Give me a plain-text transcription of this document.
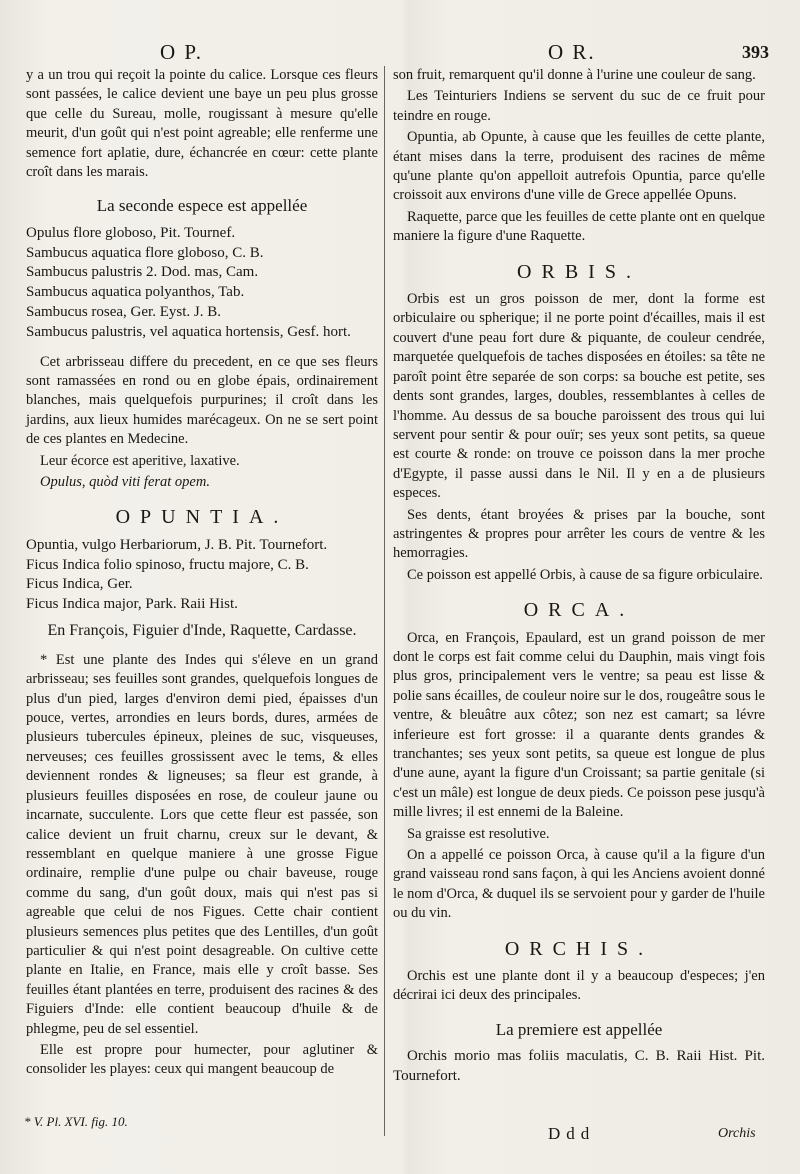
O P.	O R.	393

y a un trou qui reçoit la pointe du calice. Lorsque ces fleurs sont passées, le calice devient une baye un peu plus grosse que celle du Sureau, molle, rougissant à mesure qu'elle meurit, d'un goût qui n'est point agreable; elle renferme une semence fort aplatie, dure, échancrée en cœur: cette plante croît dans les marais.

La seconde espece est appellée

Opulus flore globoso, Pit. Tournef.

Sambucus aquatica flore globoso, C. B.

Sambucus palustris 2. Dod. mas, Cam.

Sambucus aquatica polyanthos, Tab.

Sambucus rosea, Ger. Eyst. J. B.

Sambucus palustris, vel aquatica hortensis, Gesf. hort.

Cet arbrisseau differe du precedent, en ce que ses fleurs sont ramassées en rond ou en globe épais, ordinairement blanches, mais quelquefois purpurines; il croît dans les jardins, aux lieux humides marécageux. On ne se sert point de ces plantes en Medecine.

Leur écorce est aperitive, laxative.

Opulus, quòd viti ferat opem.

OPUNTIA.

Opuntia, vulgo Herbariorum, J. B. Pit. Tournefort.

Ficus Indica folio spinoso, fructu majore, C. B.

Ficus Indica, Ger.

Ficus Indica major, Park. Raii Hist.

En François, Figuier d'Inde, Raquette, Cardasse.

* Est une plante des Indes qui s'éleve en un grand arbrisseau; ses feuilles sont grandes, quelquefois longues de plus d'un pied, larges d'environ demi pied, épaisses d'un pouce, vertes, arrondies en leurs bords, dures, armées de plusieurs tubercules épineux, pleines de suc, visqueuses, nerveuses; ces feuilles grossissent avec le tems, & elles deviennent rondes & ligneuses; sa fleur est grande, à plusieurs feuilles disposées en rose, de couleur jaune ou incarnate, succulente. Lors que cette fleur est passée, son calice devient un fruit charnu, creux sur le devant, & ressemblant en quelque maniere à une grosse Figue ordinaire, remplie d'une pulpe ou chair baveuse, rouge comme du sang, d'un goût doux, mais qui n'est pas si agreable que celui de nos Figues. Cette chair contient plusieurs semences plus petites que des Lentilles, d'un goût particulier & qui n'est point desagreable. On cultive cette plante en Italie, en France, mais elle y croît basse. Ses feuilles étant plantées en terre, produisent des racines & des Figuiers d'Inde: elle contient beaucoup d'huile & de phlegme, peu de sel essentiel.

Elle est propre pour humecter, pour aglutiner & consolider les playes: ceux qui mangent beaucoup de

son fruit, remarquent qu'il donne à l'urine une couleur de sang.

Les Teinturiers Indiens se servent du suc de ce fruit pour teindre en rouge.

Opuntia, ab Opunte, à cause que les feuilles de cette plante, étant mises dans la terre, produisent des racines de même qu'une plante qu'on appelloit autrefois Opuntia, parce qu'elle croissoit aux environs d'une ville de Grece appellée Opuns.

Raquette, parce que les feuilles de cette plante ont en quelque maniere la figure d'une Raquette.

ORBIS.

Orbis est un gros poisson de mer, dont la forme est orbiculaire ou spherique; il ne porte point d'écailles, mais il est couvert d'une peau fort dure & piquante, de couleur cendrée, marquetée quelquefois de taches disposées en étoiles: sa tête ne paroît point être separée de son corps: sa bouche est petite, ses dents sont grandes, larges, doubles, ressemblantes à celles de l'homme. Au dessus de sa bouche paroissent des trous qui lui servent pour sentir & pour ouïr; ses yeux sont petits, sa queue est courte & ronde: on trouve ce poisson dans la mer proche d'Egypte, il passe aussi dans le Nil. Il y en a de plusieurs especes.

Ses dents, étant broyées & prises par la bouche, sont astringentes & propres pour arrêter les cours de ventre & les hemorragies.

Ce poisson est appellé Orbis, à cause de sa figure orbiculaire.

ORCA.

Orca, en François, Epaulard, est un grand poisson de mer dont le corps est fait comme celui du Dauphin, mais vingt fois plus gros, principalement vers le ventre; sa peau est lisse & polie sans écailles, de couleur noire sur le dos, rougeâtre sous le ventre, & bleuâtre aux côtez; son nez est camart; sa lévre inferieure est fort grosse: il a quarante dents grandes & tranchantes; ses yeux sont petits, sa queue est longue de plus d'une aune, ayant la figure d'un Croissant; sa partie genitale (si c'est un mâle) est longue de deux pieds. Ce poisson pese jusqu'à mille livres; il est ennemi de la Baleine.

Sa graisse est resolutive.

On a appellé ce poisson Orca, à cause qu'il a la figure d'un grand vaisseau rond sans façon, à qui les Anciens avoient donné le nom d'Orca, & duquel ils se servoient pour y garder de l'huile ou du vin.

ORCHIS.

Orchis est une plante dont il y a beaucoup d'especes; j'en décrirai ici deux des principales.

La premiere est appellée

Orchis morio mas foliis maculatis, C. B. Raii Hist. Pit. Tournefort.

* V. Pl. XVI. fig. 10.
Ddd	Orchis
